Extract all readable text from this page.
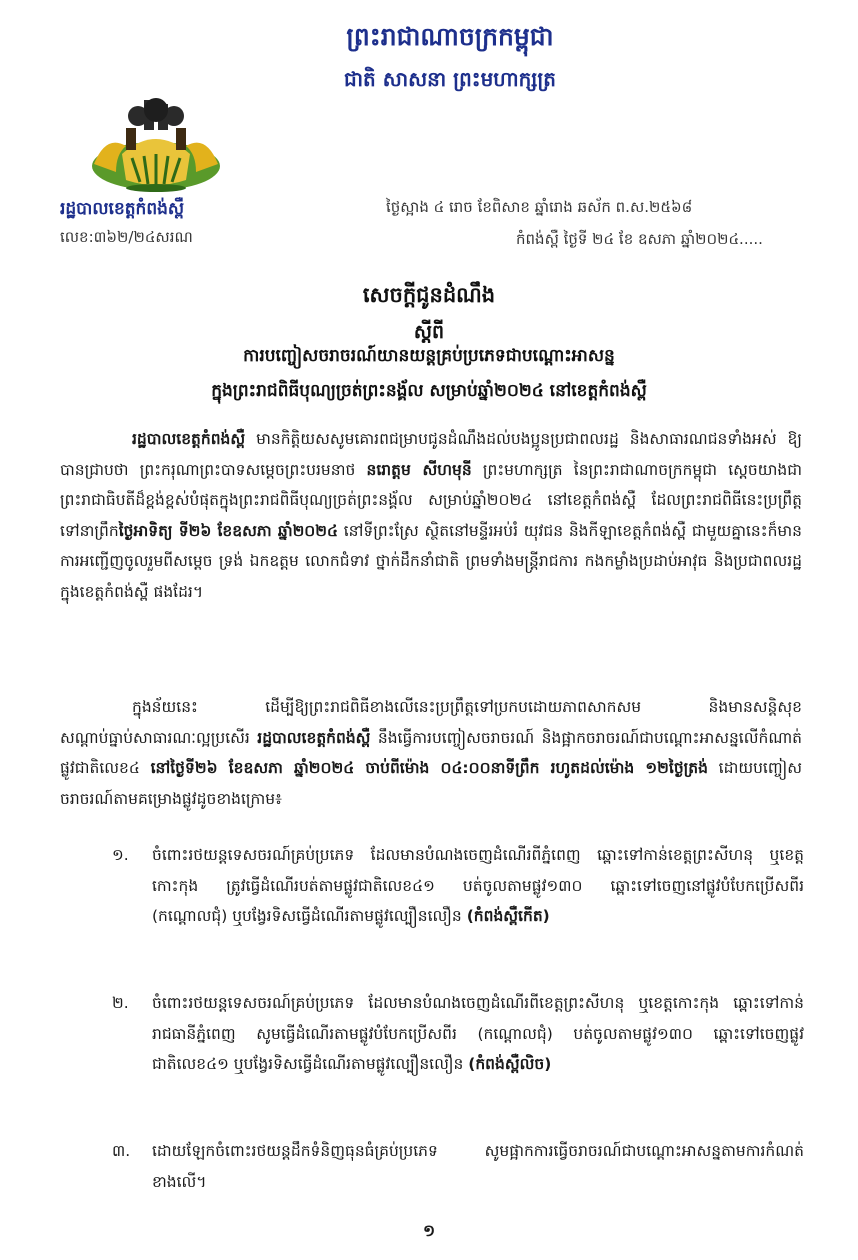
ព្រះរាជាណាចក្រកម្ពុជា
ជាតិ សាសនា ព្រះមហាក្សត្រ
រដ្ឋបាលខេត្តកំពង់ស្ពឺ
លេខ:៣៦២/២៤សរណ
ថ្ងៃស្អាង ៤ រោច ខែពិសាខ ឆ្នាំរោង ឆស័ក ព.ស.២៥៦៨
កំពង់ស្ពឺ ថ្ងៃទី ២៤ ខែ ឧសភា ឆ្នាំ២០២៤.....
សេចក្តីជូនដំណឹង
ស្តីពី
ការបញ្ចៀសចរាចរណ៍យានយន្តគ្រប់ប្រភេទជាបណ្តោះអាសន្ន
ក្នុងព្រះរាជពិធីបុណ្យច្រត់ព្រះនង្គ័ល សម្រាប់ឆ្នាំ២០២៤ នៅខេត្តកំពង់ស្ពឺ
រដ្ឋបាលខេត្តកំពង់ស្ពឺ មានកិត្តិយសសូមគោរពជម្រាបជូនដំណឹងដល់បងប្អូនប្រជាពលរដ្ឋ និងសាធារណជនទាំងអស់ ឱ្យបានជ្រាបថា ព្រះករុណាព្រះបាទសម្តេចព្រះបរមនាថ នរោត្តម សីហមុនី ព្រះមហាក្សត្រ នៃព្រះរាជាណាចក្រកម្ពុជា ស្តេចយាងជាព្រះរាជាធិបតីដ៏ខ្ពង់ខ្ពស់បំផុតក្នុងព្រះរាជពិធីបុណ្យច្រត់ព្រះនង្គ័ល សម្រាប់ឆ្នាំ២០២៤ នៅខេត្តកំពង់ស្ពឺ ដែលព្រះរាជពិធីនេះប្រព្រឹត្តទៅនាព្រឹកថ្ងៃអាទិត្យ ទី២៦ ខែឧសភា ឆ្នាំ២០២៤ នៅទីព្រះស្រែ ស្ថិតនៅមន្ទីរអប់រំ យុវជន និងកីឡាខេត្តកំពង់ស្ពឺ ជាមួយគ្នានេះក៏មានការអញ្ជើញចូលរួមពីសម្តេច ទ្រង់ ឯកឧត្តម លោកជំទាវ ថ្នាក់ដឹកនាំជាតិ ព្រមទាំងមន្ត្រីរាជការ កងកម្លាំងប្រដាប់អាវុធ និងប្រជាពលរដ្ឋក្នុងខេត្តកំពង់ស្ពឺ ផងដែរ។
ក្នុងន័យនេះ ដើម្បីឱ្យព្រះរាជពិធីខាងលើនេះប្រព្រឹត្តទៅប្រកបដោយភាពសាកសម និងមានសន្តិសុខ សណ្តាប់ធ្នាប់សាធារណៈល្អប្រសើរ រដ្ឋបាលខេត្តកំពង់ស្ពឺ នឹងធ្វើការបញ្ចៀសចរាចរណ៍ និងផ្អាកចរាចរណ៍ជាបណ្តោះអាសន្នលើកំណាត់ផ្លូវជាតិលេខ៤ នៅថ្ងៃទី២៦ ខែឧសភា ឆ្នាំ២០២៤ ចាប់ពីម៉ោង ០៤:០០នាទីព្រឹក រហូតដល់ម៉ោង ១២ថ្ងៃត្រង់ ដោយបញ្ចៀសចរាចរណ៍តាមគម្រោងផ្លូវដូចខាងក្រោម៖
១. ចំពោះរថយន្តទេសចរណ៍គ្រប់ប្រភេទ ដែលមានបំណងចេញដំណើរពីភ្នំពេញ ឆ្ពោះទៅកាន់ខេត្តព្រះសីហនុ ឬខេត្តកោះកុង ត្រូវធ្វើដំណើរបត់តាមផ្លូវជាតិលេខ៤១ បត់ចូលតាមផ្លូវ១៣០ ឆ្ពោះទៅចេញនៅផ្លូវបំបែកប្រើសពីរ (កណ្តោលជុំ) ឬបង្វែរទិសធ្វើដំណើរតាមផ្លូវល្បឿនលឿន (កំពង់ស្ពឺកើត)
២. ចំពោះរថយន្តទេសចរណ៍គ្រប់ប្រភេទ ដែលមានបំណងចេញដំណើរពីខេត្តព្រះសីហនុ ឬខេត្តកោះកុង ឆ្ពោះទៅកាន់រាជធានីភ្នំពេញ សូមធ្វើដំណើរតាមផ្លូវបំបែកប្រើសពីរ (កណ្តោលជុំ) បត់ចូលតាមផ្លូវ១៣០ ឆ្ពោះទៅចេញផ្លូវជាតិលេខ៤១ ឬបង្វែរទិសធ្វើដំណើរតាមផ្លូវល្បឿនលឿន (កំពង់ស្ពឺលិច)
៣. ដោយឡែកចំពោះរថយន្តដឹកទំនិញធុនធំគ្រប់ប្រភេទ សូមផ្អាកការធ្វើចរាចរណ៍ជាបណ្តោះអាសន្នតាមការកំណត់ខាងលើ។
១
